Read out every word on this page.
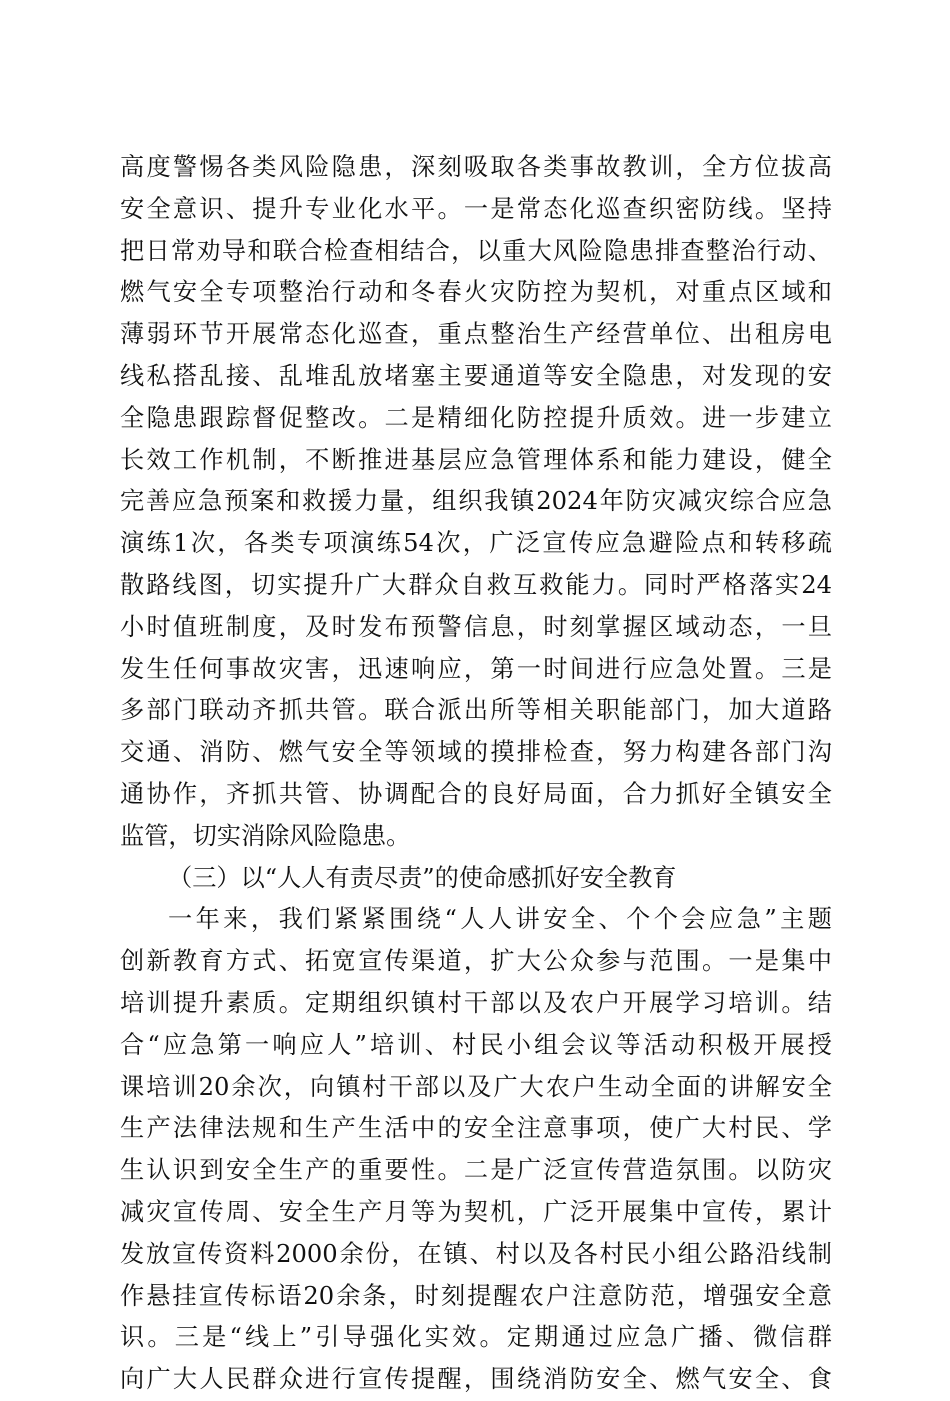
高度警惕各类风险隐患，深刻吸取各类事故教训，全方位拔高
安全意识、提升专业化水平。一是常态化巡查织密防线。坚持
把日常劝导和联合检查相结合，以重大风险隐患排查整治行动、
燃气安全专项整治行动和冬春火灾防控为契机，对重点区域和
薄弱环节开展常态化巡查，重点整治生产经营单位、出租房电
线私搭乱接、乱堆乱放堵塞主要通道等安全隐患，对发现的安
全隐患跟踪督促整改。二是精细化防控提升质效。进一步建立
长效工作机制，不断推进基层应急管理体系和能力建设，健全
完善应急预案和救援力量，组织我镇2024年防灾减灾综合应急
演练1次，各类专项演练54次，广泛宣传应急避险点和转移疏
散路线图，切实提升广大群众自救互救能力。同时严格落实24
小时值班制度，及时发布预警信息，时刻掌握区域动态，一旦
发生任何事故灾害，迅速响应，第一时间进行应急处置。三是
多部门联动齐抓共管。联合派出所等相关职能部门，加大道路
交通、消防、燃气安全等领域的摸排检查，努力构建各部门沟
通协作，齐抓共管、协调配合的良好局面，合力抓好全镇安全
监管，切实消除风险隐患。
（三）以“人人有责尽责”的使命感抓好安全教育
一年来，我们紧紧围绕“人人讲安全、个个会应急”主题
创新教育方式、拓宽宣传渠道，扩大公众参与范围。一是集中
培训提升素质。定期组织镇村干部以及农户开展学习培训。结
合“应急第一响应人”培训、村民小组会议等活动积极开展授
课培训20余次，向镇村干部以及广大农户生动全面的讲解安全
生产法律法规和生产生活中的安全注意事项，使广大村民、学
生认识到安全生产的重要性。二是广泛宣传营造氛围。以防灾
减灾宣传周、安全生产月等为契机，广泛开展集中宣传，累计
发放宣传资料2000余份，在镇、村以及各村民小组公路沿线制
作悬挂宣传标语20余条，时刻提醒农户注意防范，增强安全意
识。三是“线上”引导强化实效。定期通过应急广播、微信群
向广大人民群众进行宣传提醒，围绕消防安全、燃气安全、食
